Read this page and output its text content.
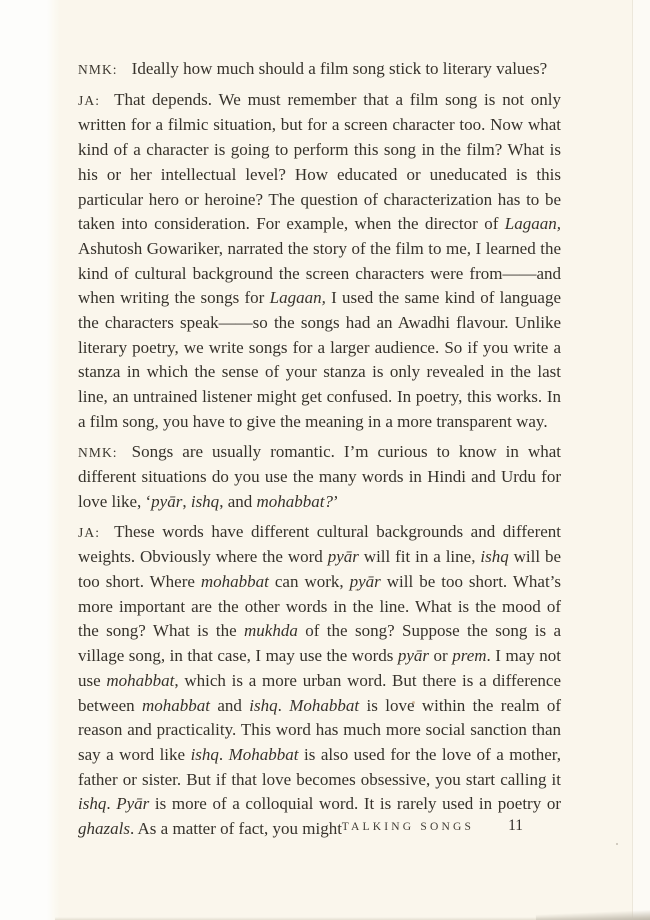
NMK: Ideally how much should a film song stick to literary values?

JA: That depends. We must remember that a film song is not only written for a filmic situation, but for a screen character too. Now what kind of a character is going to perform this song in the film? What is his or her intellectual level? How educated or uneducated is this particular hero or heroine? The question of characterization has to be taken into consideration. For example, when the director of Lagaan, Ashutosh Gowariker, narrated the story of the film to me, I learned the kind of cultural background the screen characters were from——and when writing the songs for Lagaan, I used the same kind of language the characters speak——so the songs had an Awadhi flavour. Unlike literary poetry, we write songs for a larger audience. So if you write a stanza in which the sense of your stanza is only revealed in the last line, an untrained listener might get confused. In poetry, this works. In a film song, you have to give the meaning in a more transparent way.

NMK: Songs are usually romantic. I’m curious to know in what different situations do you use the many words in Hindi and Urdu for love like, ‘pyār, ishq, and mohabbat?’

JA: These words have different cultural backgrounds and different weights. Obviously where the word pyār will fit in a line, ishq will be too short. Where mohabbat can work, pyār will be too short. What’s more important are the other words in the line. What is the mood of the song? What is the mukhda of the song? Suppose the song is a village song, in that case, I may use the words pyār or prem. I may not use mohabbat, which is a more urban word. But there is a difference between mohabbat and ishq. Mohabbat is love within the realm of reason and practicality. This word has much more social sanction than say a word like ishq. Mohabbat is also used for the love of a mother, father or sister. But if that love becomes obsessive, you start calling it ishq. Pyār is more of a colloquial word. It is rarely used in poetry or ghazals. As a matter of fact, you might TALKING SONGS 11
